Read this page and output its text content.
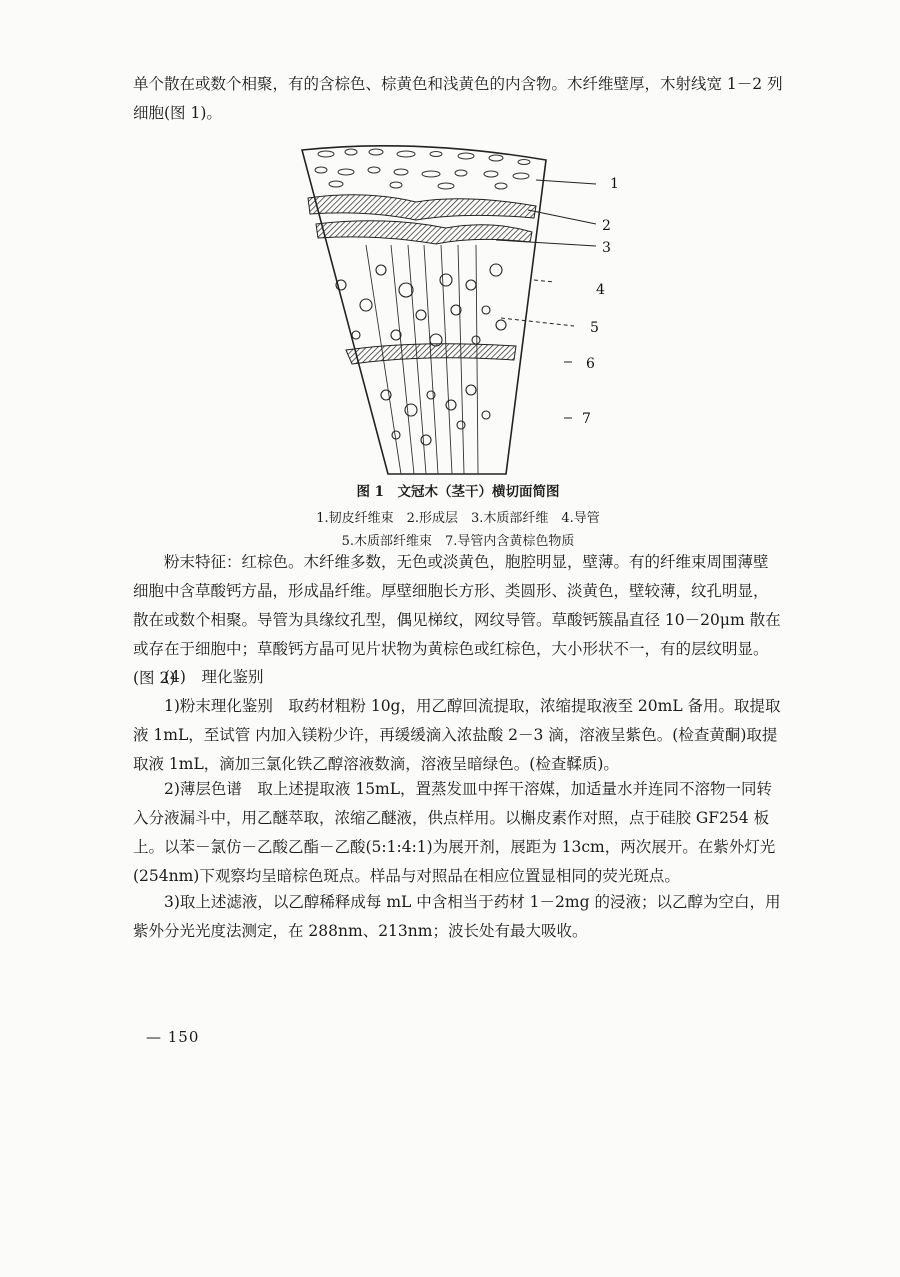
单个散在或数个相聚，有的含棕色、棕黄色和浅黄色的内含物。木纤维壁厚，木射线宽 1－2 列细胞(图 1)。

1
2
3
4
5
6
7

图 1　文冠木（茎干）横切面简图

1.韧皮纤维束　2.形成层　3.木质部纤维　4.导管

5.木质部纤维束　7.导管内含黄棕色物质

粉末特征：红棕色。木纤维多数，无色或淡黄色，胞腔明显，壁薄。有的纤维束周围薄壁细胞中含草酸钙方晶，形成晶纤维。厚壁细胞长方形、类圆形、淡黄色，壁较薄，纹孔明显，散在或数个相聚。导管为具缘纹孔型，偶见梯纹，网纹导管。草酸钙簇晶直径 10－20μm 散在或存在于细胞中；草酸钙方晶可见片状物为黄棕色或红棕色，大小形状不一，有的层纹明显。(图 2)

(4)　理化鉴别

1)粉末理化鉴别　取药材粗粉 10g，用乙醇回流提取，浓缩提取液至 20mL 备用。取提取液 1mL，至试管 内加入镁粉少许，再缓缓滴入浓盐酸 2－3 滴，溶液呈紫色。(检查黄酮)取提取液 1mL，滴加三氯化铁乙醇溶液数滴，溶液呈暗绿色。(检查鞣质)。

2)薄层色谱　取上述提取液 15mL，置蒸发皿中挥干溶媒，加适量水并连同不溶物一同转入分液漏斗中，用乙醚萃取，浓缩乙醚液，供点样用。以槲皮素作对照，点于硅胶 GF254 板上。以苯－氯仿－乙酸乙酯－乙酸(5:1:4:1)为展开剂，展距为 13cm，两次展开。在紫外灯光(254nm)下观察均呈暗棕色斑点。样品与对照品在相应位置显相同的荧光斑点。

3)取上述滤液，以乙醇稀释成每 mL 中含相当于药材 1－2mg 的浸液；以乙醇为空白，用紫外分光光度法测定，在 288nm、213nm；波长处有最大吸收。

— 150
